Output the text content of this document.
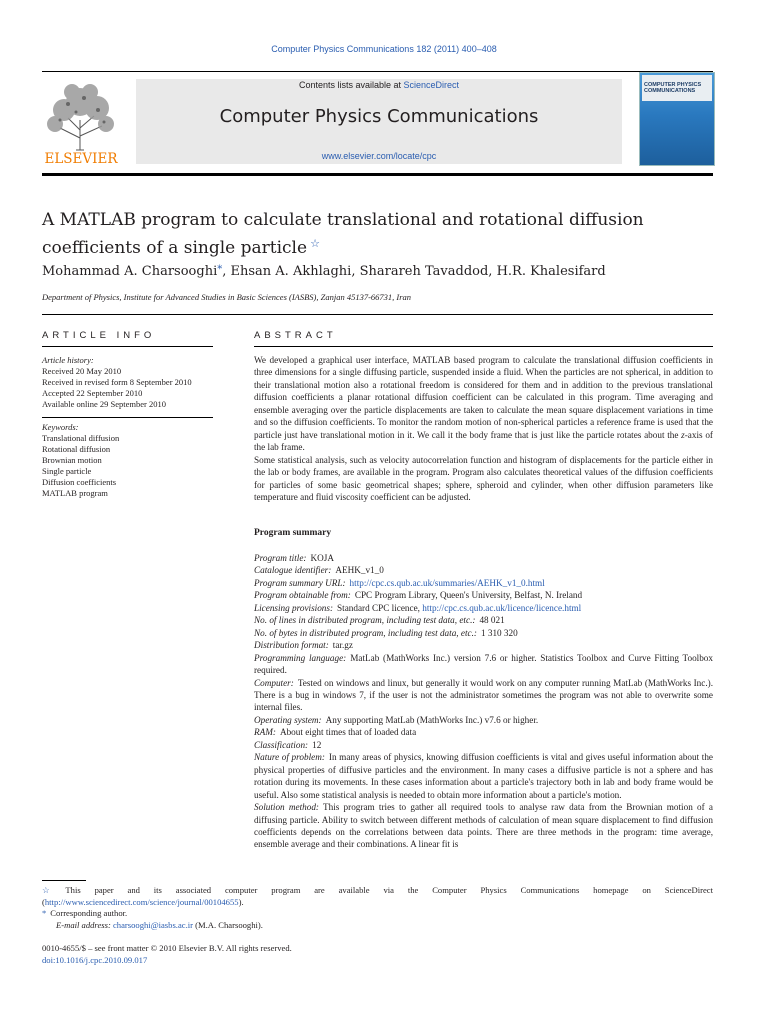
Computer Physics Communications 182 (2011) 400–408
ELSEVIER
Contents lists available at ScienceDirect
Computer Physics Communications
www.elsevier.com/locate/cpc
COMPUTER PHYSICS COMMUNICATIONS
A MATLAB program to calculate translational and rotational diffusion coefficients of a single particle ☆
Mohammad A. Charsooghi*, Ehsan A. Akhlaghi, Sharareh Tavaddod, H.R. Khalesifard
Department of Physics, Institute for Advanced Studies in Basic Sciences (IASBS), Zanjan 45137-66731, Iran
ARTICLE INFO	ABSTRACT
Article history:
Received 20 May 2010
Received in revised form 8 September 2010
Accepted 22 September 2010
Available online 29 September 2010
Keywords:
Translational diffusion
Rotational diffusion
Brownian motion
Single particle
Diffusion coefficients
MATLAB program

We developed a graphical user interface, MATLAB based program to calculate the translational diffusion coefficients in three dimensions for a single diffusing particle, suspended inside a fluid. When the particles are not spherical, in addition to their translational motion also a rotational freedom is considered for them and in addition to the previous translational diffusion coefficients a planar rotational diffusion coefficient can be calculated in this program. Time averaging and ensemble averaging over the particle displacements are taken to calculate the mean square displacement variations in time and so the diffusion coefficients. To monitor the random motion of non-spherical particles a reference frame is used that the particle just have translational motion in it. We call it the body frame that is just like the particle rotates about the z-axis of the lab frame.

Some statistical analysis, such as velocity autocorrelation function and histogram of displacements for the particle either in the lab or body frames, are available in the program. Program also calculates theoretical values of the diffusion coefficients for particles of some basic geometrical shapes; sphere, spheroid and cylinder, when other diffusion parameters like temperature and fluid viscosity coefficient can be adjusted.

Program summary

Program title: KOJA

Catalogue identifier: AEHK_v1_0

Program summary URL: http://cpc.cs.qub.ac.uk/summaries/AEHK_v1_0.html

Program obtainable from: CPC Program Library, Queen's University, Belfast, N. Ireland

Licensing provisions: Standard CPC licence, http://cpc.cs.qub.ac.uk/licence/licence.html

No. of lines in distributed program, including test data, etc.: 48 021

No. of bytes in distributed program, including test data, etc.: 1 310 320

Distribution format: tar.gz

Programming language: MatLab (MathWorks Inc.) version 7.6 or higher. Statistics Toolbox and Curve Fitting Toolbox required.

Computer: Tested on windows and linux, but generally it would work on any computer running MatLab (MathWorks Inc.). There is a bug in windows 7, if the user is not the administrator sometimes the program was not able to overwrite some internal files.

Operating system: Any supporting MatLab (MathWorks Inc.) v7.6 or higher.

RAM: About eight times that of loaded data

Classification: 12

Nature of problem: In many areas of physics, knowing diffusion coefficients is vital and gives useful information about the physical properties of diffusive particles and the environment. In many cases a diffusive particle is not a sphere and has rotation during its movements. In these cases information about a particle's trajectory both in lab and body frame would be useful. Also some statistical analysis is needed to obtain more information about a particle's motion.

Solution method: This program tries to gather all required tools to analyse raw data from the Brownian motion of a diffusing particle. Ability to switch between different methods of calculation of mean square displacement to find diffusion coefficients depends on the correlations between data points. There are three methods in the program: time average, ensemble average and their combinations. A linear fit is

☆ This paper and its associated computer program are available via the Computer Physics Communications homepage on ScienceDirect (http://www.sciencedirect.com/science/journal/00104655).

* Corresponding author.

E-mail address: charsooghi@iasbs.ac.ir (M.A. Charsooghi).

0010-4655/$ – see front matter © 2010 Elsevier B.V. All rights reserved.

doi:10.1016/j.cpc.2010.09.017
